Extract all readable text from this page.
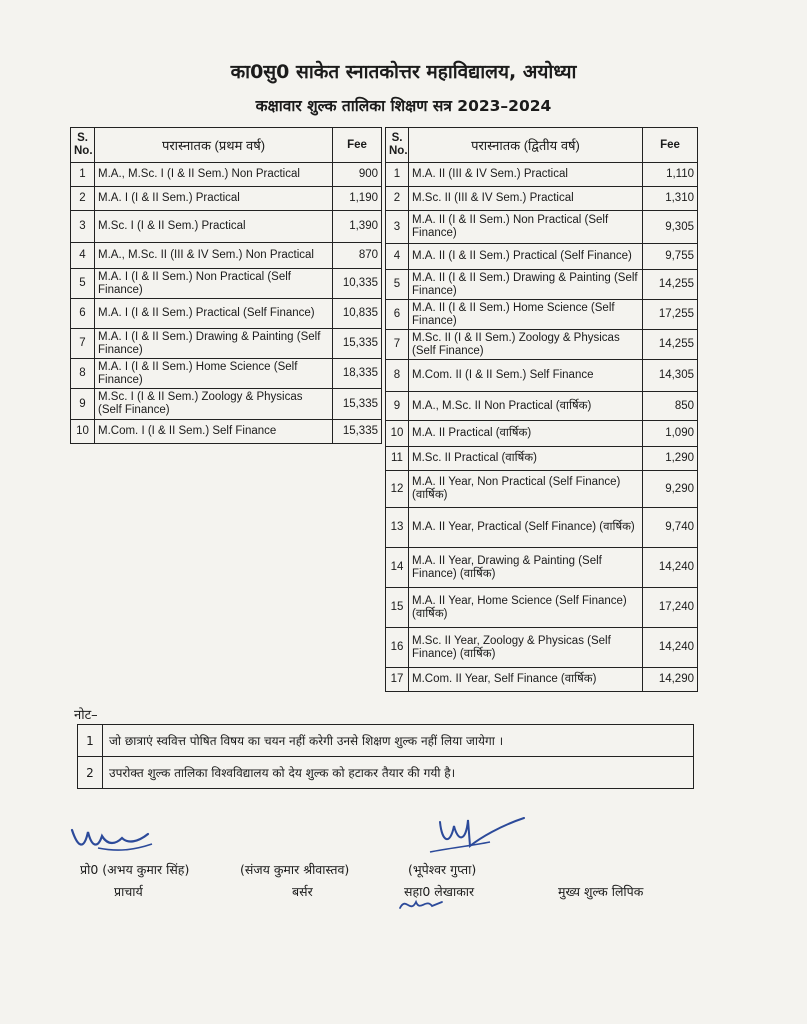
का0सु0 साकेत स्नातकोत्तर महाविद्यालय, अयोध्या
कक्षावार शुल्क तालिका शिक्षण सत्र 2023–2024
S. No.	परास्नातक (प्रथम वर्ष)	Fee
1	M.A., M.Sc. I (I & II Sem.) Non Practical	900
2	M.A. I (I & II Sem.) Practical	1,190
3	M.Sc. I (I & II Sem.) Practical	1,390
4	M.A., M.Sc. II (III & IV Sem.) Non Practical	870
5	M.A. I (I & II Sem.) Non Practical (Self Finance)	10,335
6	M.A. I (I & II Sem.) Practical (Self Finance)	10,835
7	M.A. I (I & II Sem.) Drawing & Painting (Self Finance)	15,335
8	M.A. I (I & II Sem.) Home Science (Self Finance)	18,335
9	M.Sc. I (I & II Sem.) Zoology & Physicas (Self Finance)	15,335
10	M.Com. I (I & II Sem.) Self Finance	15,335
S. No.	परास्नातक (द्वितीय वर्ष)	Fee
1	M.A. II (III & IV Sem.) Practical	1,110
2	M.Sc. II (III & IV Sem.) Practical	1,310
3	M.A. II (I & II Sem.) Non Practical (Self Finance)	9,305
4	M.A. II (I & II Sem.) Practical (Self Finance)	9,755
5	M.A. II (I & II Sem.) Drawing & Painting (Self Finance)	14,255
6	M.A. II (I & II Sem.) Home Science (Self Finance)	17,255
7	M.Sc. II (I & II Sem.) Zoology & Physicas (Self Finance)	14,255
8	M.Com. II (I & II Sem.) Self Finance	14,305
9	M.A., M.Sc. II Non Practical (वार्षिक)	850
10	M.A. II Practical (वार्षिक)	1,090
11	M.Sc. II Practical (वार्षिक)	1,290
12	M.A. II Year, Non Practical (Self Finance) (वार्षिक)	9,290
13	M.A. II Year, Practical (Self Finance) (वार्षिक)	9,740
14	M.A. II Year, Drawing & Painting (Self Finance) (वार्षिक)	14,240
15	M.A. II Year, Home Science (Self Finance) (वार्षिक)	17,240
16	M.Sc. II Year, Zoology & Physicas (Self Finance) (वार्षिक)	14,240
17	M.Com. II Year, Self Finance (वार्षिक)	14,290
नोट–
1	जो छात्राएं स्ववित्त पोषित विषय का चयन नहीं करेगी उनसे शिक्षण शुल्क नहीं लिया जायेगा ।
2	उपरोक्त शुल्क तालिका विश्वविद्यालय को देय शुल्क को हटाकर तैयार की गयी है।
प्रो0 (अभय कुमार सिंह)
प्राचार्य
(संजय कुमार श्रीवास्तव)
बर्सर
(भूपेश्वर गुप्ता)
सहा0 लेखाकार	मुख्य शुल्क लिपिक
